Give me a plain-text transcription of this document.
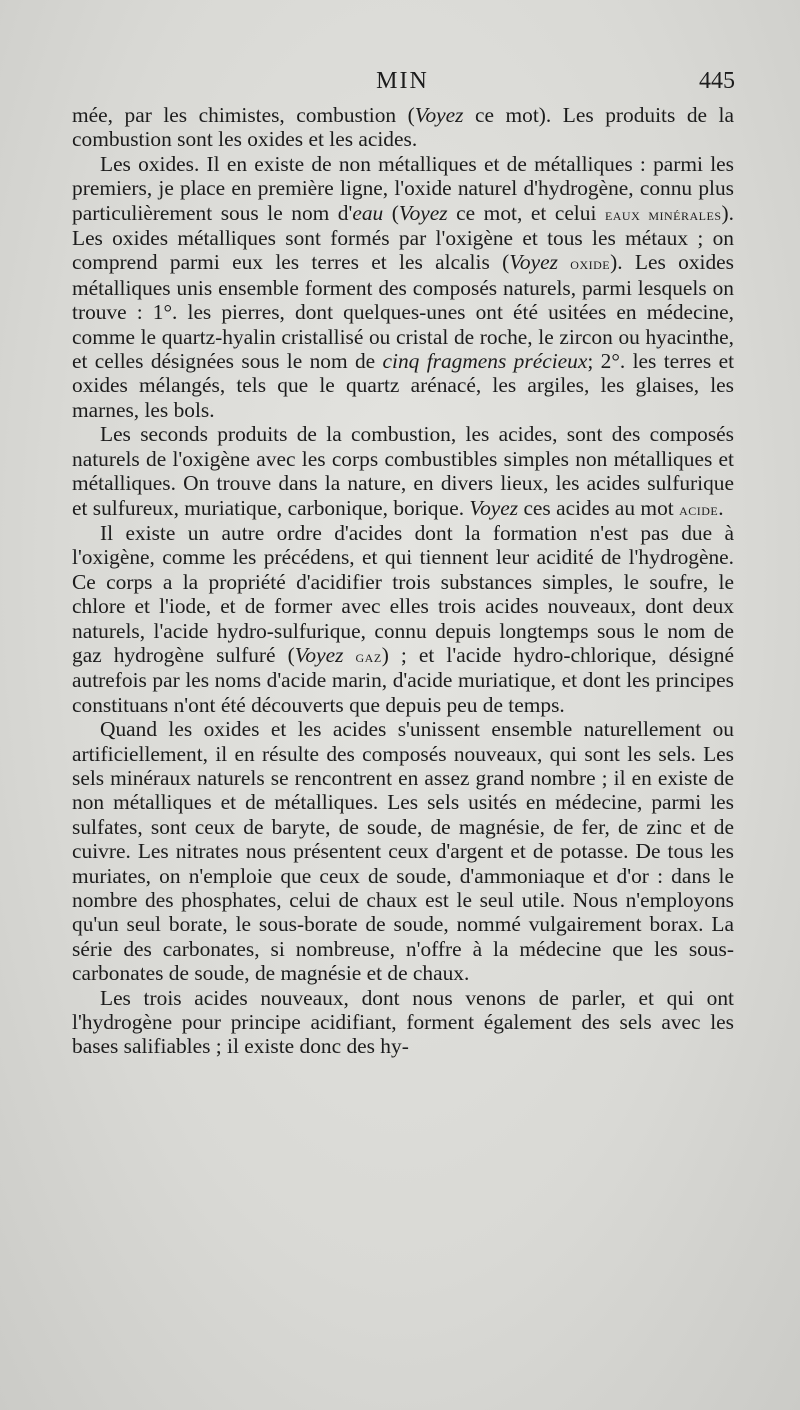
MIN	445

mée, par les chimistes, combustion (Voyez ce mot). Les produits de la combustion sont les oxides et les acides.

Les oxides. Il en existe de non métalliques et de métalliques : parmi les premiers, je place en première ligne, l'oxide naturel d'hydrogène, connu plus particulièrement sous le nom d'eau (Voyez ce mot, et celui eaux minérales). Les oxides métalliques sont formés par l'oxigène et tous les métaux ; on comprend parmi eux les terres et les alcalis (Voyez oxide). Les oxides métalliques unis ensemble forment des composés naturels, parmi lesquels on trouve : 1°. les pierres, dont quelques-unes ont été usitées en médecine, comme le quartz-hyalin cristallisé ou cristal de roche, le zircon ou hyacinthe, et celles désignées sous le nom de cinq fragmens précieux; 2°. les terres et oxides mélangés, tels que le quartz arénacé, les argiles, les glaises, les marnes, les bols.

Les seconds produits de la combustion, les acides, sont des composés naturels de l'oxigène avec les corps combustibles simples non métalliques et métalliques. On trouve dans la nature, en divers lieux, les acides sulfurique et sulfureux, muriatique, carbonique, borique. Voyez ces acides au mot acide.

Il existe un autre ordre d'acides dont la formation n'est pas due à l'oxigène, comme les précédens, et qui tiennent leur acidité de l'hydrogène. Ce corps a la propriété d'acidifier trois substances simples, le soufre, le chlore et l'iode, et de former avec elles trois acides nouveaux, dont deux naturels, l'acide hydro-sulfurique, connu depuis longtemps sous le nom de gaz hydrogène sulfuré (Voyez gaz) ; et l'acide hydro-chlorique, désigné autrefois par les noms d'acide marin, d'acide muriatique, et dont les principes constituans n'ont été découverts que depuis peu de temps.

Quand les oxides et les acides s'unissent ensemble naturellement ou artificiellement, il en résulte des composés nouveaux, qui sont les sels. Les sels minéraux naturels se rencontrent en assez grand nombre ; il en existe de non métalliques et de métalliques. Les sels usités en médecine, parmi les sulfates, sont ceux de baryte, de soude, de magnésie, de fer, de zinc et de cuivre. Les nitrates nous présentent ceux d'argent et de potasse. De tous les muriates, on n'emploie que ceux de soude, d'ammoniaque et d'or : dans le nombre des phosphates, celui de chaux est le seul utile. Nous n'employons qu'un seul borate, le sous-borate de soude, nommé vulgairement borax. La série des carbonates, si nombreuse, n'offre à la médecine que les sous-carbonates de soude, de magnésie et de chaux.

Les trois acides nouveaux, dont nous venons de parler, et qui ont l'hydrogène pour principe acidifiant, forment également des sels avec les bases salifiables ; il existe donc des hy-
